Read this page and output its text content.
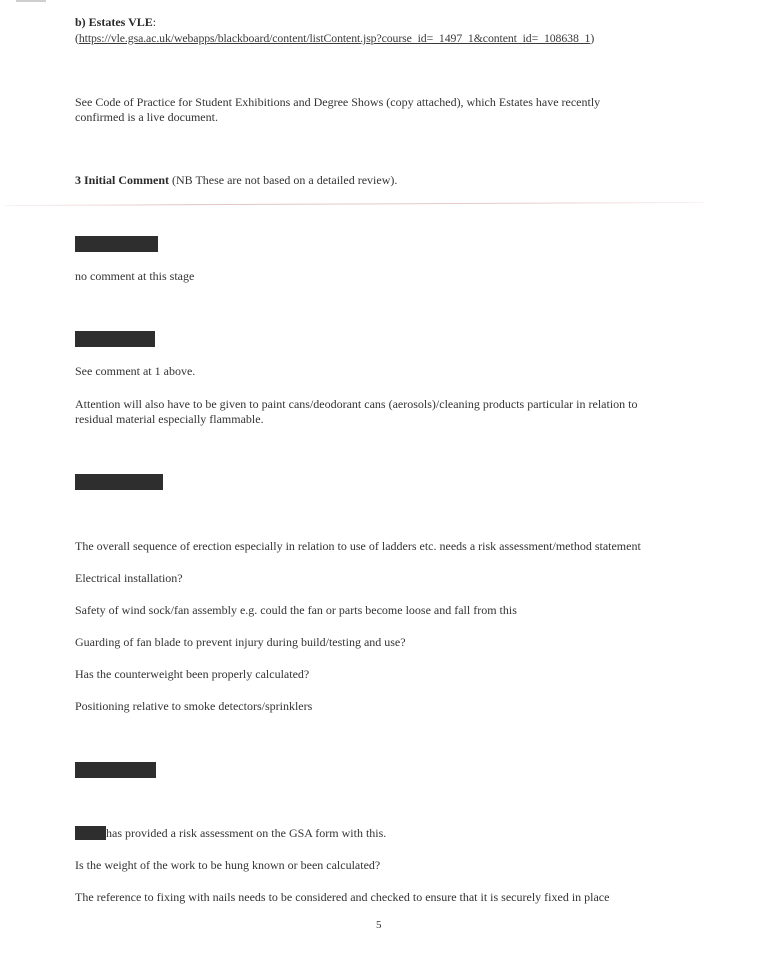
b) Estates VLE:

(https://vle.gsa.ac.uk/webapps/blackboard/content/listContent.jsp?course_id=_1497_1&content_id=_108638_1)

See Code of Practice for Student Exhibitions and Degree Shows (copy attached), which Estates have recently

confirmed is a live document.

3 Initial Comment (NB These are not based on a detailed review).

no comment at this stage

See comment at 1 above.

Attention will also have to be given to paint cans/deodorant cans (aerosols)/cleaning products particular in relation to

residual material especially flammable.

The overall sequence of erection especially in relation to use of ladders etc. needs a risk assessment/method statement

Electrical installation?

Safety of wind sock/fan assembly e.g. could the fan or parts become loose and fall from this

Guarding of fan blade to prevent injury during build/testing and use?

Has the counterweight been properly calculated?

Positioning relative to smoke detectors/sprinklers

has provided a risk assessment on the GSA form with this.

Is the weight of the work to be hung known or been calculated?

The reference to fixing with nails needs to be considered and checked to ensure that it is securely fixed in place

5
